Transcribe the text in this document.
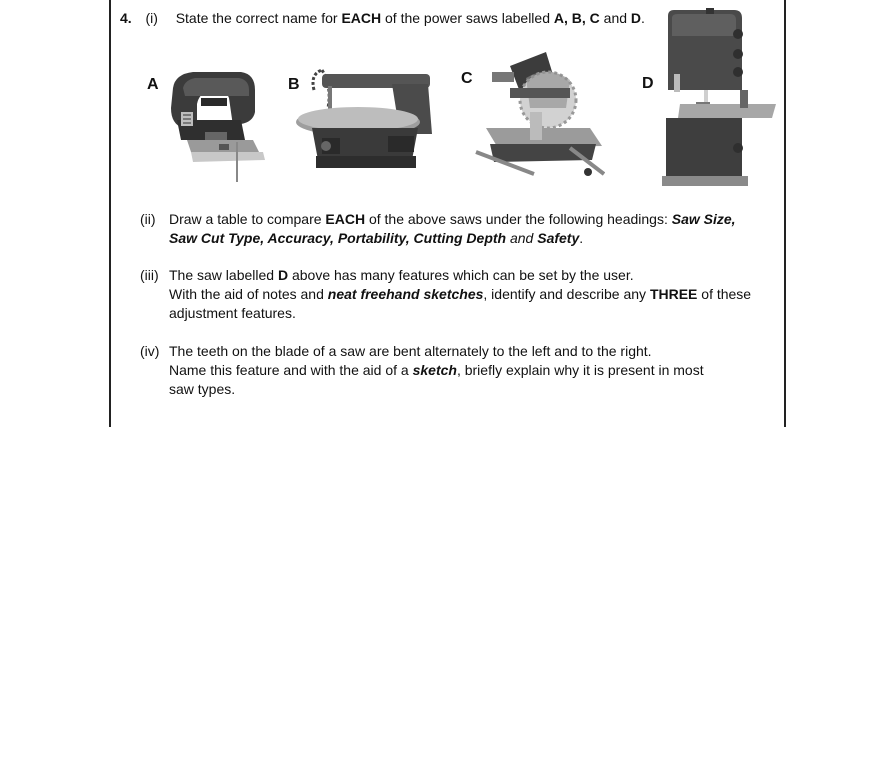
4. (i) State the correct name for EACH of the power saws labelled A, B, C and D.
A	B	C	D
(ii) Draw a table to compare EACH of the above saws under the following headings: Saw Size,
Saw Cut Type, Accuracy, Portability, Cutting Depth and Safety.
(iii) The saw labelled D above has many features which can be set by the user.
With the aid of notes and neat freehand sketches, identify and describe any THREE of these
adjustment features.
(iv) The teeth on the blade of a saw are bent alternately to the left and to the right.
Name this feature and with the aid of a sketch, briefly explain why it is present in most
saw types.
